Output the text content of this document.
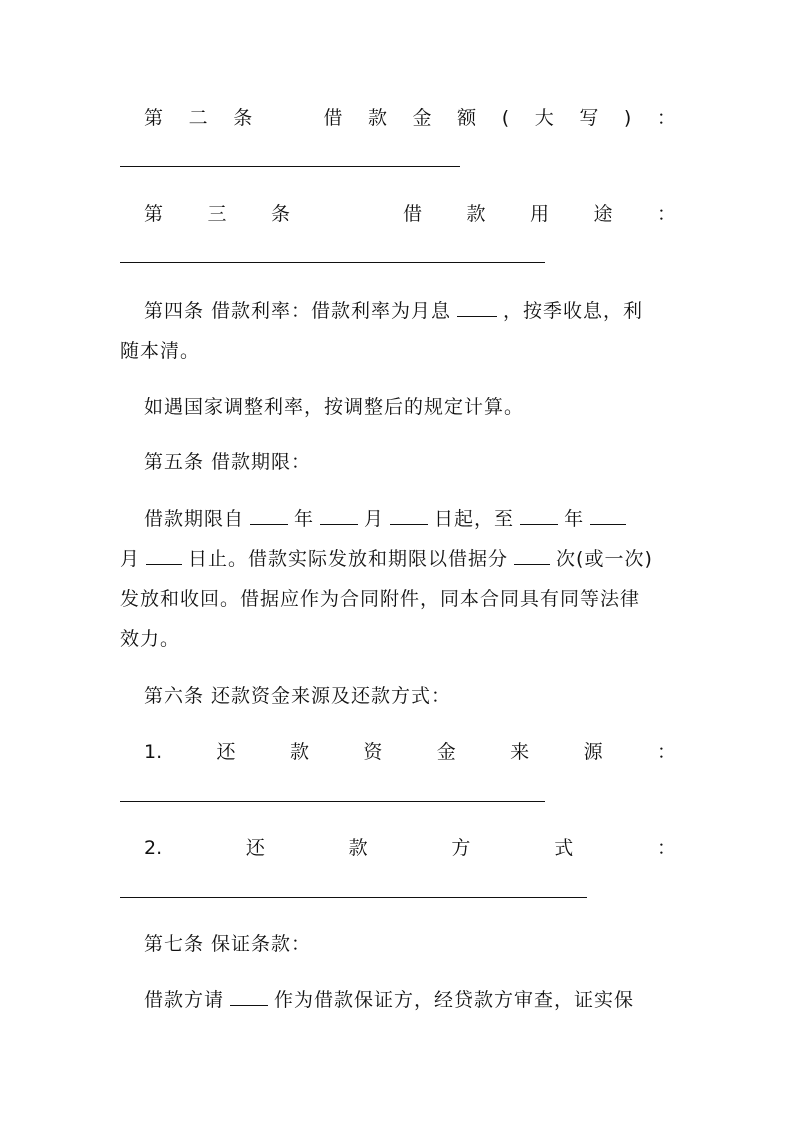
第 二 条	借 款 金 额 ( 大 写 ) ：
第 三 条	借 款 用 途 ：
第四条 借款利率：借款利率为月息	，按季收息，利
随本清。
如遇国家调整利率，按调整后的规定计算。
第五条 借款期限：
借款期限自	年	月	日起，至	年
月	日止。借款实际发放和期限以借据分	次(或一次)
发放和收回。借据应作为合同附件，同本合同具有同等法律
效力。
第六条 还款资金来源及还款方式：
1.	还	款	资	金	来	源	：
2.	还	款	方	式	：
第七条 保证条款：
借款方请	作为借款保证方，经贷款方审查，证实保
